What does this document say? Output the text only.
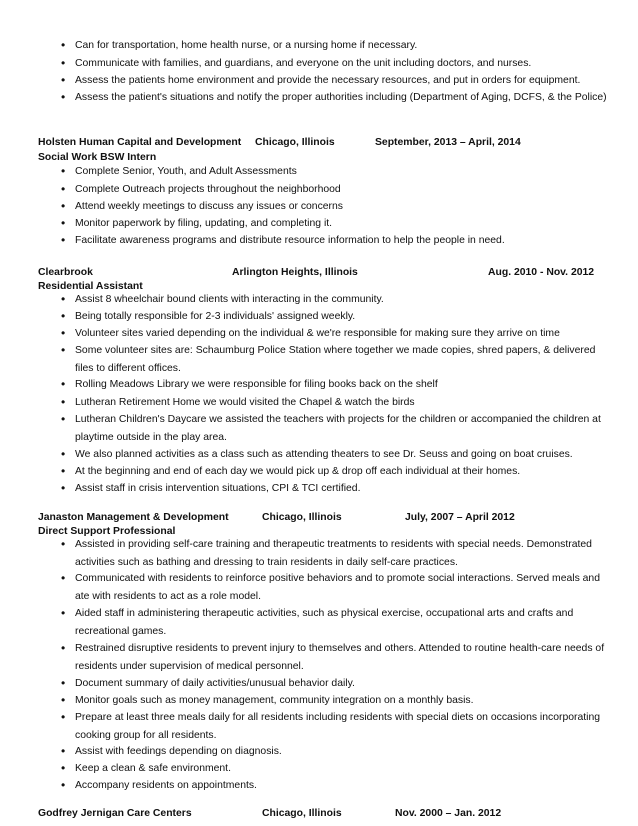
• Can for transportation, home health nurse, or a nursing home if necessary.
• Communicate with families, and guardians, and everyone on the unit including doctors, and nurses.
• Assess the patients home environment and provide the necessary resources, and put in orders for equipment.
• Assess the patient's situations and notify the proper authorities including (Department of Aging, DCFS, & the Police)
Holsten Human Capital and Development Chicago, Illinois	September, 2013 – April, 2014
Social Work BSW Intern
• Complete Senior, Youth, and Adult Assessments
• Complete Outreach projects throughout the neighborhood
• Attend weekly meetings to discuss any issues or concerns
• Monitor paperwork by filing, updating, and completing it.
• Facilitate awareness programs and distribute resource information to help the people in need.
Clearbrook	Arlington Heights, Illinois	Aug. 2010 - Nov. 2012
Residential Assistant
• Assist 8 wheelchair bound clients with interacting in the community.
• Being totally responsible for 2-3 individuals' assigned weekly.
• Volunteer sites varied depending on the individual & we're responsible for making sure they arrive on time
• Some volunteer sites are: Schaumburg Police Station where together we made copies, shred papers, & delivered files to different offices.
• Rolling Meadows Library we were responsible for filing books back on the shelf
• Lutheran Retirement Home we would visited the Chapel & watch the birds
• Lutheran Children's Daycare we assisted the teachers with projects for the children or accompanied the children at playtime outside in the play area.
• We also planned activities as a class such as attending theaters to see Dr. Seuss and going on boat cruises.
• At the beginning and end of each day we would pick up & drop off each individual at their homes.
• Assist staff in crisis intervention situations, CPI & TCI certified.
Janaston Management & Development	Chicago, Illinois	July, 2007 – April 2012
Direct Support Professional
• Assisted in providing self-care training and therapeutic treatments to residents with special needs. Demonstrated activities such as bathing and dressing to train residents in daily self-care practices.
• Communicated with residents to reinforce positive behaviors and to promote social interactions. Served meals and ate with residents to act as a role model.
• Aided staff in administering therapeutic activities, such as physical exercise, occupational arts and crafts and recreational games.
• Restrained disruptive residents to prevent injury to themselves and others. Attended to routine health-care needs of residents under supervision of medical personnel.
• Document summary of daily activities/unusual behavior daily.
• Monitor goals such as money management, community integration on a monthly basis.
• Prepare at least three meals daily for all residents including residents with special diets on occasions incorporating cooking group for all residents.
• Assist with feedings depending on diagnosis.
• Keep a clean & safe environment.
• Accompany residents on appointments.
Godfrey Jernigan Care Centers	Chicago, Illinois	Nov. 2000 – Jan. 2012
